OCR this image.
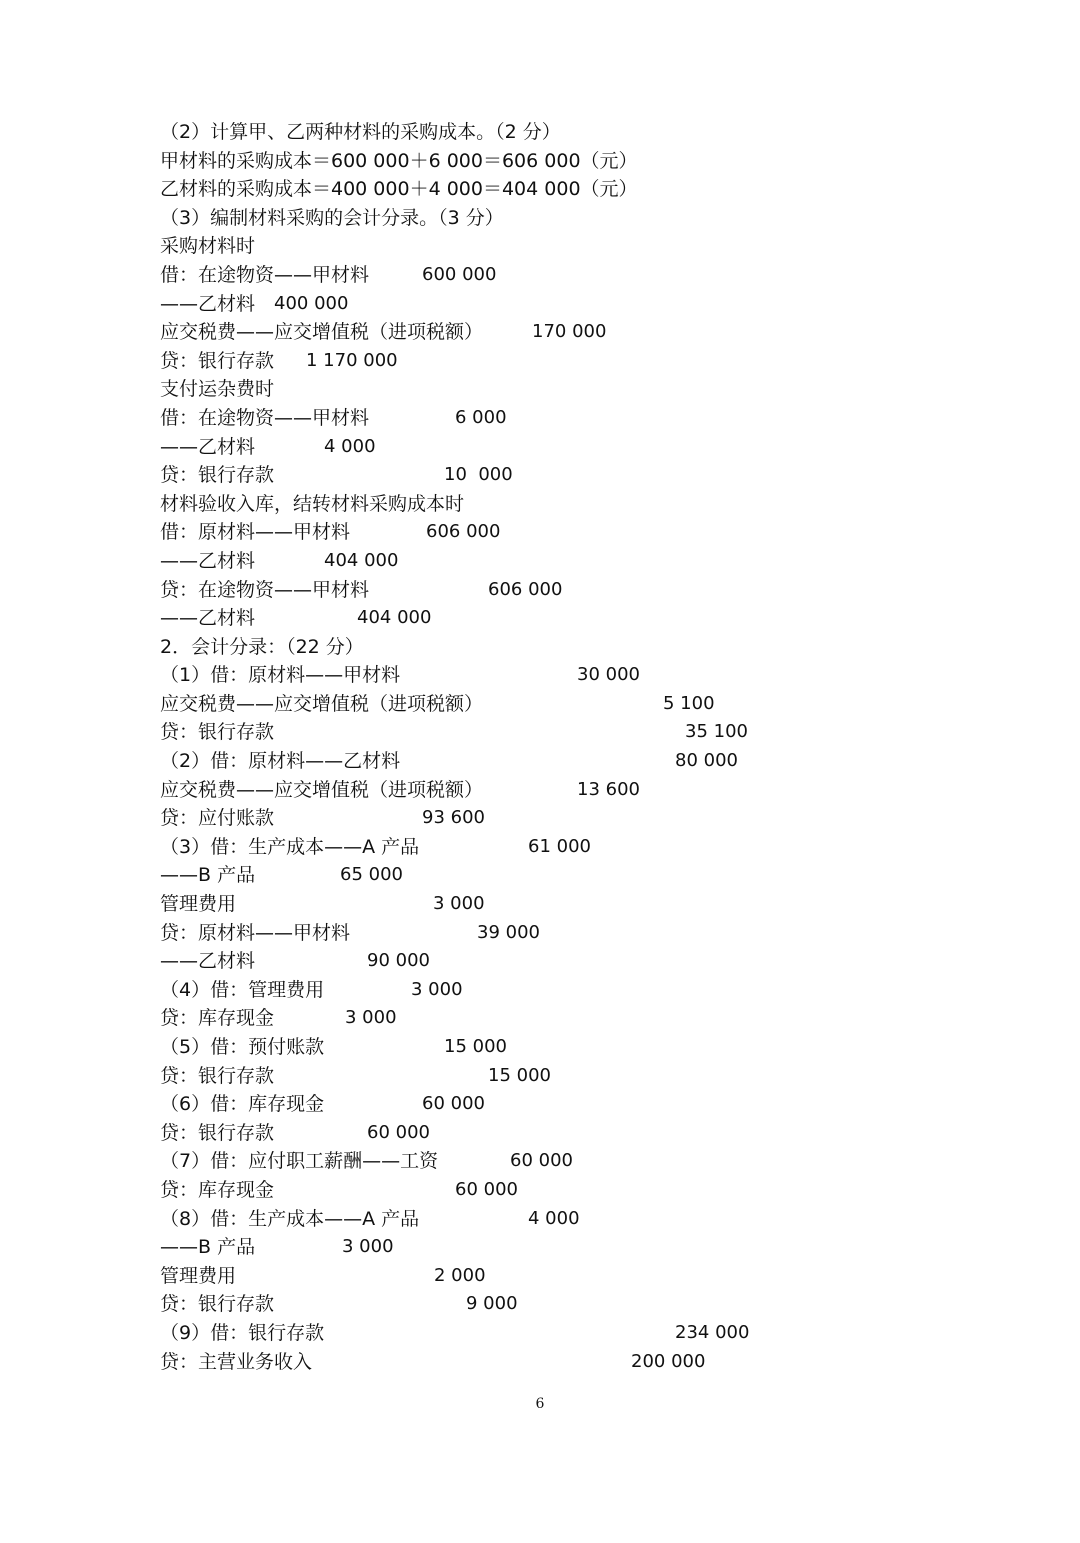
（2）计算甲、乙两种材料的采购成本。（2 分）
甲材料的采购成本＝600 000＋6 000＝606 000（元）
乙材料的采购成本＝400 000＋4 000＝404 000（元）
（3）编制材料采购的会计分录。（3 分）
采购材料时
借：在途物资——甲材料	600 000
——乙材料 400 000
应交税费——应交增值税（进项税额）	170 000
贷：银行存款 1 170 000
支付运杂费时
借：在途物资——甲材料	6 000
——乙材料	4 000
贷：银行存款	10  000
材料验收入库，结转材料采购成本时
借：原材料——甲材料	606 000
——乙材料	404 000
贷：在途物资——甲材料	606 000
——乙材料	404 000
2．会计分录：（22 分）
（1）借：原材料——甲材料	30 000
应交税费——应交增值税（进项税额）	5 100
贷：银行存款	35 100
（2）借：原材料——乙材料	80 000
应交税费——应交增值税（进项税额）	13 600
贷：应付账款	93 600
（3）借：生产成本——A 产品	61 000
——B 产品	65 000
管理费用	3 000
贷：原材料——甲材料	39 000
——乙材料	90 000
（4）借：管理费用	3 000
贷：库存现金	3 000
（5）借：预付账款	15 000
贷：银行存款	15 000
（6）借：库存现金	60 000
贷：银行存款	60 000
（7）借：应付职工薪酬——工资	60 000
贷：库存现金	60 000
（8）借：生产成本——A 产品	4 000
——B 产品	3 000
管理费用	2 000
贷：银行存款	9 000
（9）借：银行存款	234 000
贷：主营业务收入	200 000
6
